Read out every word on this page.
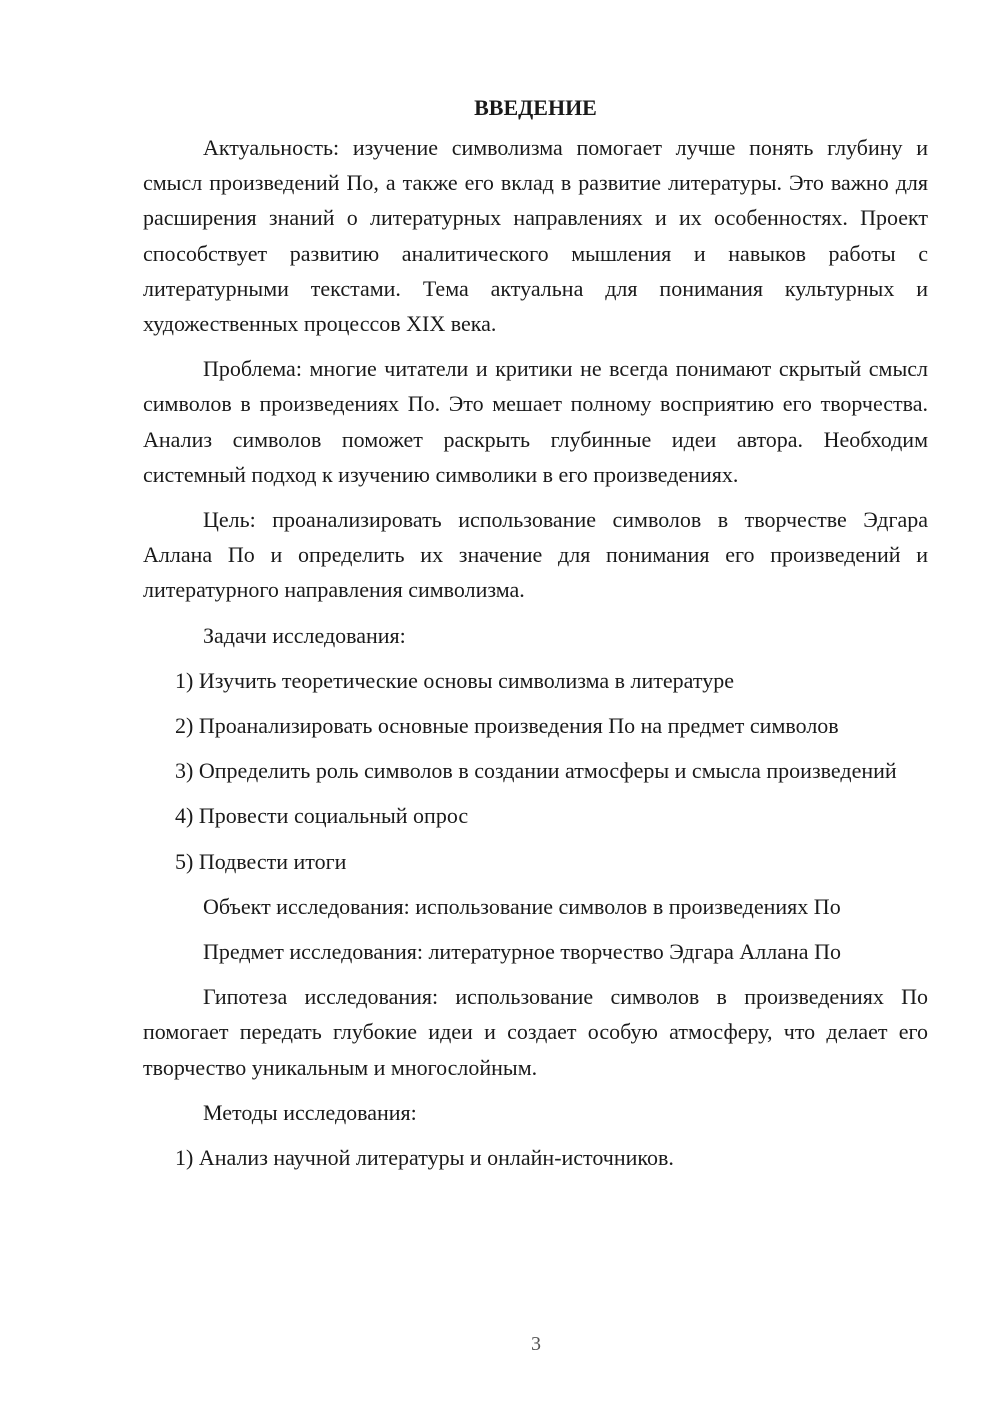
ВВЕДЕНИЕ

Актуальность: изучение символизма помогает лучше понять глубину и смысл произведений По, а также его вклад в развитие литературы. Это важно для расширения знаний о литературных направлениях и их особенностях. Проект способствует развитию аналитического мышления и навыков работы с литературными текстами. Тема актуальна для понимания культурных и художественных процессов XIX века.

Проблема: многие читатели и критики не всегда понимают скрытый смысл символов в произведениях По. Это мешает полному восприятию его творчества. Анализ символов поможет раскрыть глубинные идеи автора. Необходим системный подход к изучению символики в его произведениях.

Цель: проанализировать использование символов в творчестве Эдгара Аллана По и определить их значение для понимания его произведений и литературного направления символизма.

Задачи исследования:
1) Изучить теоретические основы символизма в литературе
2) Проанализировать основные произведения По на предмет символов

3) Определить роль символов в создании атмосферы и смысла произведений

4) Провести социальный опрос
5) Подвести итоги
Объект исследования: использование символов в произведениях По
Предмет исследования: литературное творчество Эдгара Аллана По

Гипотеза исследования: использование символов в произведениях По помогает передать глубокие идеи и создает особую атмосферу, что делает его творчество уникальным и многослойным.

Методы исследования:
1) Анализ научной литературы и онлайн-источников.
3
